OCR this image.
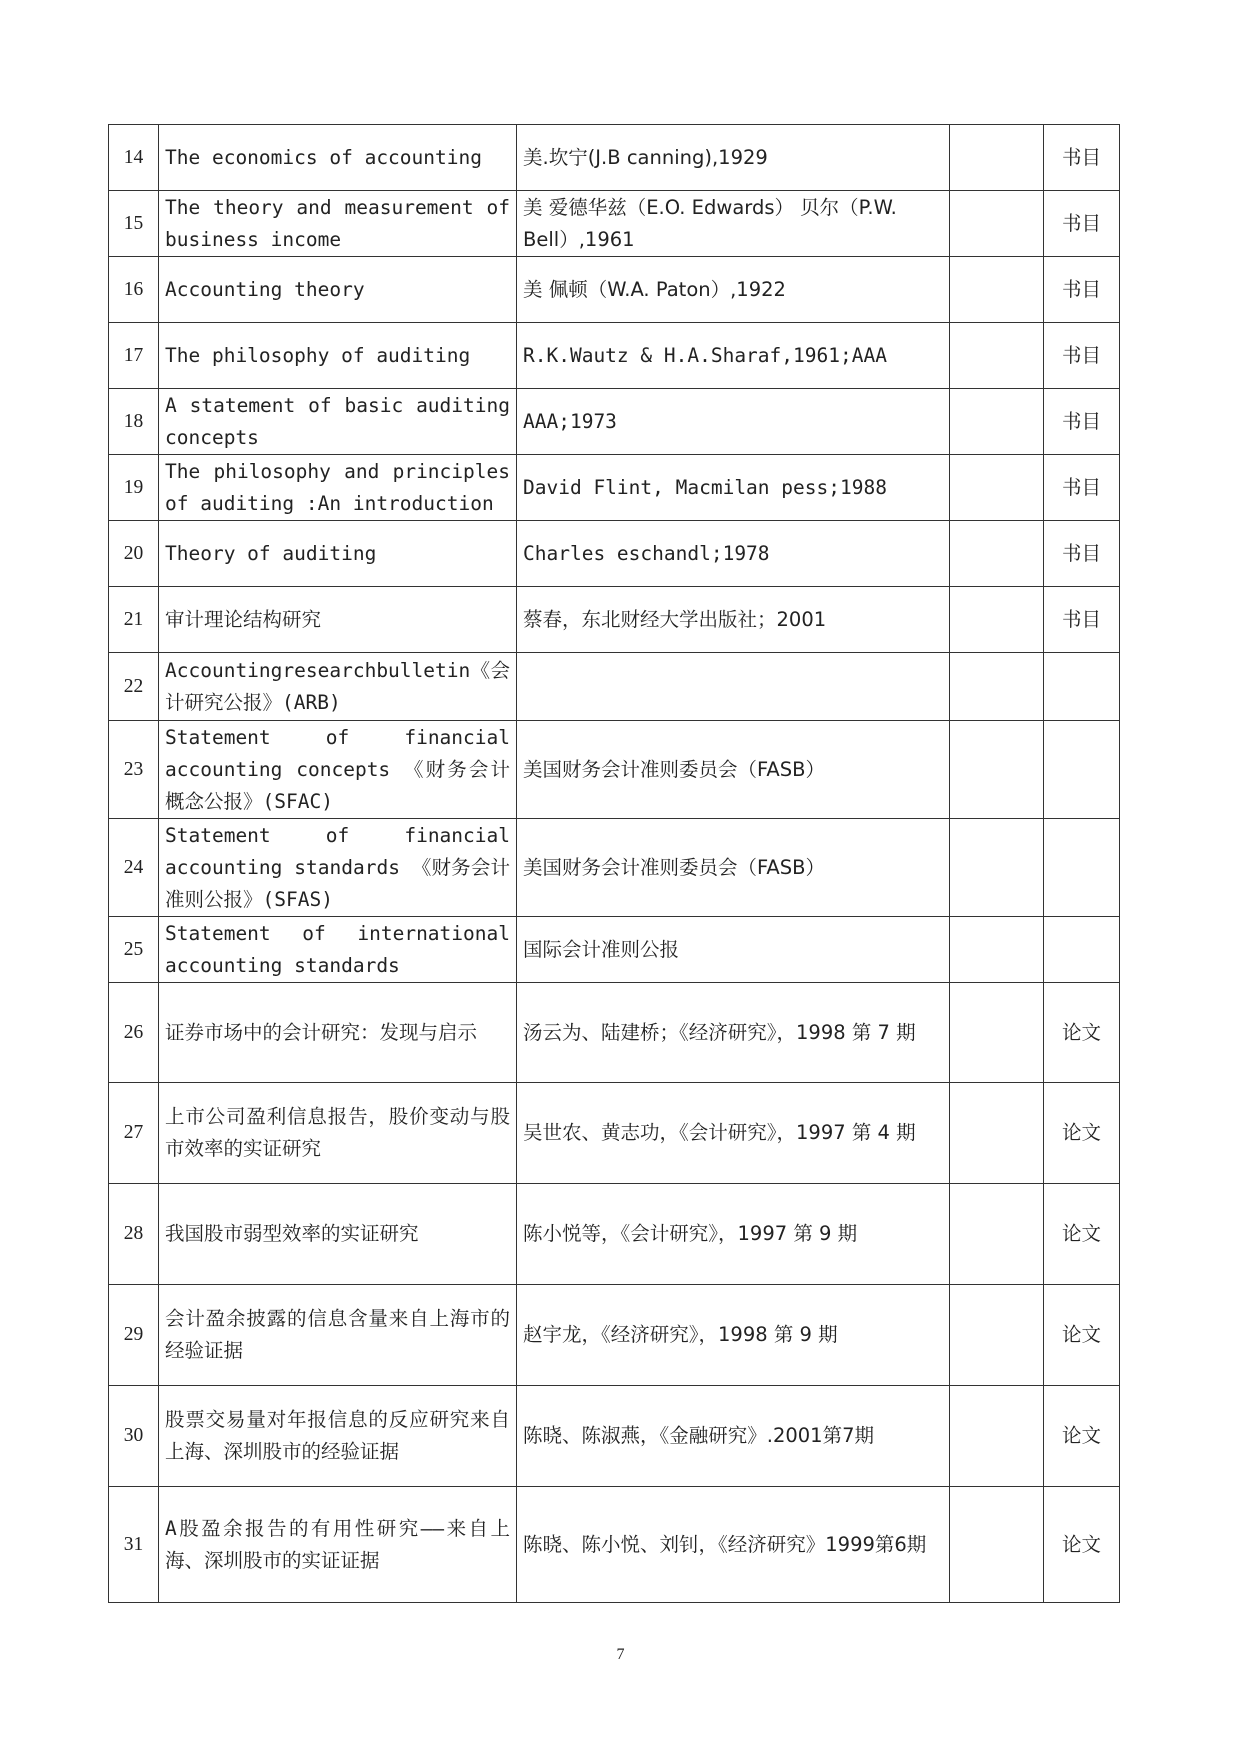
14	The economics of accounting	美.坎宁(J.B canning),1929		书目
15	The theory and measurement of business income	美 爱德华兹（E.O. Edwards） 贝尔（P.W. Bell）,1961		书目
16	Accounting theory	美 佩顿（W.A. Paton）,1922		书目
17	The philosophy of auditing	R.K.Wautz & H.A.Sharaf,1961;AAA		书目
18	A statement of basic auditing concepts	AAA;1973		书目
19	The philosophy and principles of auditing :An introduction	David Flint, Macmilan pess;1988		书目
20	Theory of auditing	Charles eschandl;1978		书目
21	审计理论结构研究	蔡春，东北财经大学出版社；2001		书目
22	Accountingresearchbulletin《会计研究公报》(ARB)			
23	Statement of financial accounting concepts 《财务会计概念公报》(SFAC)	美国财务会计准则委员会（FASB）		
24	Statement of financial accounting standards 《财务会计准则公报》(SFAS)	美国财务会计准则委员会（FASB）		
25	Statement of international accounting standards	国际会计准则公报		
26	证券市场中的会计研究：发现与启示	汤云为、陆建桥；《经济研究》，1998 第 7 期		论文
27	上市公司盈利信息报告，股价变动与股市效率的实证研究	吴世农、黄志功，《会计研究》，1997 第 4 期		论文
28	我国股市弱型效率的实证研究	陈小悦等，《会计研究》，1997 第 9 期		论文
29	会计盈余披露的信息含量来自上海市的经验证据	赵宇龙，《经济研究》，1998 第 9 期		论文
30	股票交易量对年报信息的反应研究来自上海、深圳股市的经验证据	陈晓、陈淑燕，《金融研究》.2001第7期		论文
31	A股盈余报告的有用性研究——来自上海、深圳股市的实证证据	陈晓、陈小悦、刘钊，《经济研究》1999第6期		论文
7
